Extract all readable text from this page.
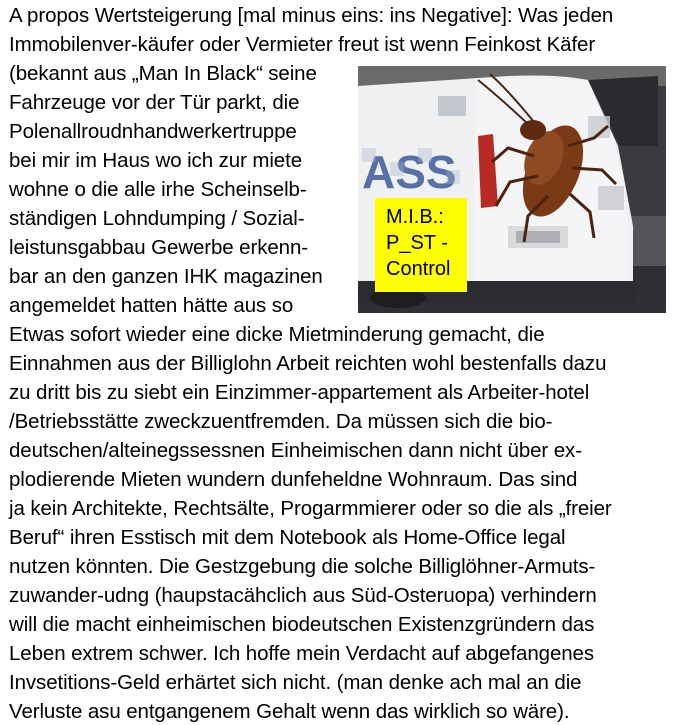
A propos Wertsteigerung [mal minus eins: ins Negative]: Was jeden
Immobilenver-käufer oder Vermieter freut ist wenn Feinkost Käfer
(bekannt aus „Man In Black“ seine
Fahrzeuge vor der Tür parkt, die
Polenallroudnhandwerkertruppe
bei mir im Haus wo ich zur miete
wohne o die alle irhe Scheinselb-
ständigen Lohndumping / Sozial-
leistunsgabbau Gewerbe erkenn-
bar an den ganzen IHK magazinen
angemeldet hatten hätte aus so
Etwas sofort wieder eine dicke Mietminderung gemacht, die
Einnahmen aus der Billiglohn Arbeit reichten wohl bestenfalls dazu
zu dritt bis zu siebt ein Einzimmer-appartement als Arbeiter-hotel
/Betriebsstätte zweckzuentfremden. Da müssen sich die bio-
deutschen/alteinegssessnen Einheimischen dann nicht über ex-
plodierende Mieten wundern dunfeheldne Wohnraum. Das sind
ja kein Architekte, Rechtsälte, Progarmmierer oder so die als „freier
Beruf“ ihren Esstisch mit dem Notebook als Home-Office legal
nutzen könnten. Die Gestzgebung die solche Billiglöhner-Armuts-
zuwander-udng (haupstacähclich aus Süd-Osteruopa) verhindern
will die macht einheimischen biodeutschen Existenzgründern das
Leben extrem schwer. Ich hoffe mein Verdacht auf abgefangenes
Invsetitions-Geld erhärtet sich nicht. (man denke ach mal an die
Verluste asu entgangenem Gehalt wenn das wirklich so wäre).
ASS
M.I.B.:
P_ST -
Control
